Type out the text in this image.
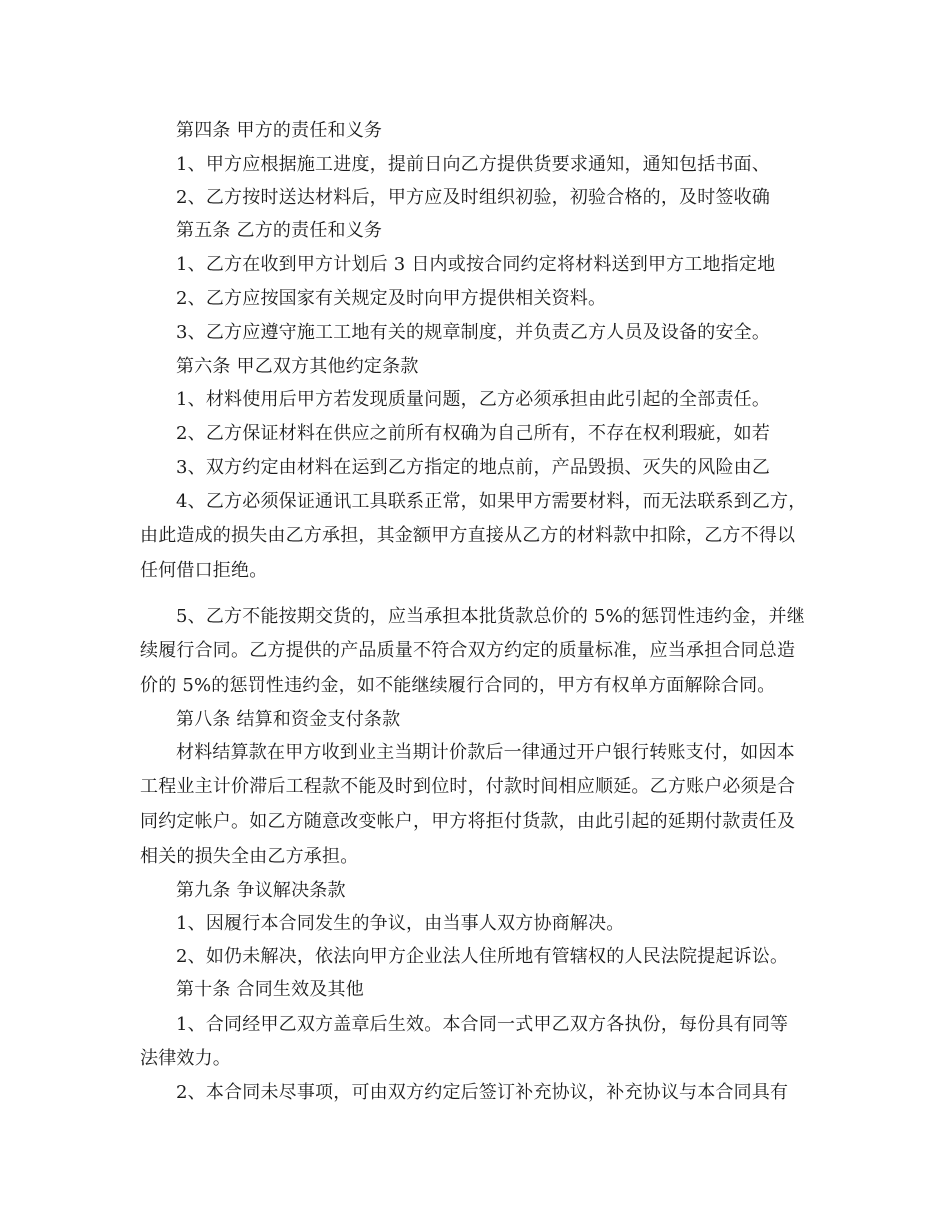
第四条 甲方的责任和义务
1、甲方应根据施工进度，提前日向乙方提供货要求通知，通知包括书面、
2、乙方按时送达材料后，甲方应及时组织初验，初验合格的，及时签收确
第五条 乙方的责任和义务
1、乙方在收到甲方计划后 3 日内或按合同约定将材料送到甲方工地指定地
2、乙方应按国家有关规定及时向甲方提供相关资料。
3、乙方应遵守施工工地有关的规章制度，并负责乙方人员及设备的安全。
第六条 甲乙双方其他约定条款
1、材料使用后甲方若发现质量问题，乙方必须承担由此引起的全部责任。
2、乙方保证材料在供应之前所有权确为自己所有，不存在权利瑕疵，如若
3、双方约定由材料在运到乙方指定的地点前，产品毁损、灭失的风险由乙
4、乙方必须保证通讯工具联系正常，如果甲方需要材料，而无法联系到乙方，
由此造成的损失由乙方承担，其金额甲方直接从乙方的材料款中扣除，乙方不得以
任何借口拒绝。
5、乙方不能按期交货的，应当承担本批货款总价的 5%的惩罚性违约金，并继
续履行合同。乙方提供的产品质量不符合双方约定的质量标准，应当承担合同总造
价的 5%的惩罚性违约金，如不能继续履行合同的，甲方有权单方面解除合同。
第八条 结算和资金支付条款
材料结算款在甲方收到业主当期计价款后一律通过开户银行转账支付，如因本
工程业主计价滞后工程款不能及时到位时，付款时间相应顺延。乙方账户必须是合
同约定帐户。如乙方随意改变帐户，甲方将拒付货款，由此引起的延期付款责任及
相关的损失全由乙方承担。
第九条 争议解决条款
1、因履行本合同发生的争议，由当事人双方协商解决。
2、如仍未解决，依法向甲方企业法人住所地有管辖权的人民法院提起诉讼。
第十条 合同生效及其他
1、合同经甲乙双方盖章后生效。本合同一式甲乙双方各执份，每份具有同等
法律效力。
2、本合同未尽事项，可由双方约定后签订补充协议，补充协议与本合同具有
